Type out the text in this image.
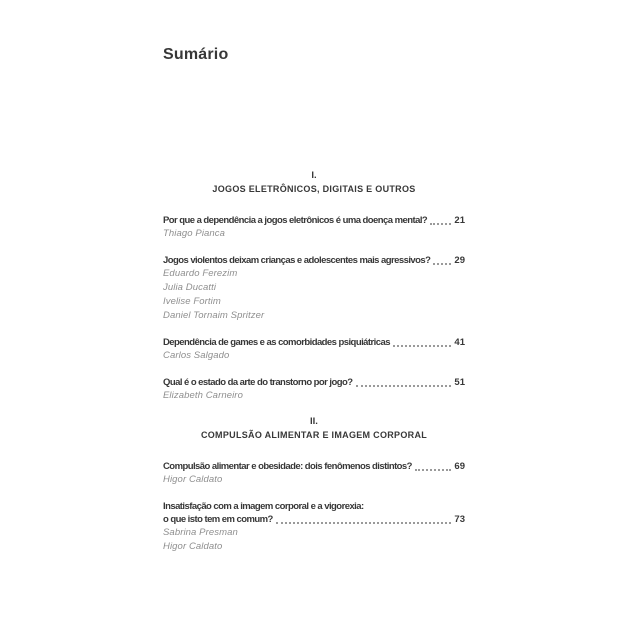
Sumário
I.
JOGOS ELETRÔNICOS, DIGITAIS E OUTROS
Por que a dependência a jogos eletrônicos é uma doença mental?	21
Thiago Pianca
Jogos violentos deixam crianças e adolescentes mais agressivos?	29
Eduardo Ferezim
Julia Ducatti
Ivelise Fortim
Daniel Tornaim Spritzer
Dependência de games e as comorbidades psiquiátricas	41
Carlos Salgado
Qual é o estado da arte do transtorno por jogo?	51
Elizabeth Carneiro
II.
COMPULSÃO ALIMENTAR E IMAGEM CORPORAL
Compulsão alimentar e obesidade: dois fenômenos distintos?	69
Higor Caldato
Insatisfação com a imagem corporal e a vigorexia:
o que isto tem em comum?	73
Sabrina Presman
Higor Caldato
